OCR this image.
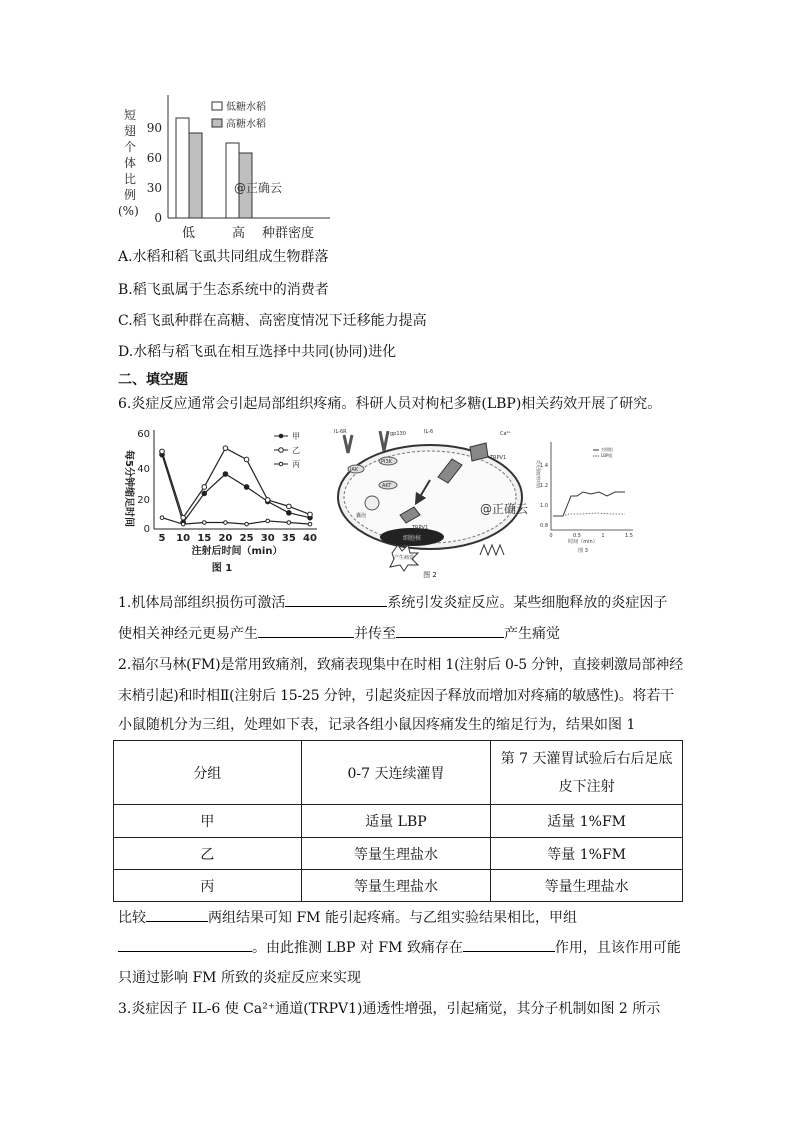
短
翅
个
体
比
例
(%)
90
60
30
0
低糖水稻
高糖水稻
@正确云
低	高 种群密度
A.水稻和稻飞虱共同组成生物群落
B.稻飞虱属于生态系统中的消费者
C.稻飞虱种群在高糖、高密度情况下迁移能力提高
D.水稻与稻飞虱在相互选择中共同(协同)进化
二、填空题
6.炎症反应通常会引起局部组织疼痛。科研人员对枸杞多糖(LBP)相关药效开展了研究。
每5分钟缩足时间
60
40
20
0
5 10 15 20 25 30 35 40
注射后时间（min）
图 1
甲
乙
丙
细胞核
IL-6R	gp130	IL-6
JAK
PI3K
AKT
囊泡
TRPV1
TRPV1
Ca²⁺
@正确云
产生痛觉
图 2
荧光强度相对值 1.4
1.2
1.0
0.8
对照组
LBP组
0	0.5	1	1.5
时间（min）
图 3
1.机体局部组织损伤可激活	系统引发炎症反应。某些细胞释放的炎症因子
使相关神经元更易产生	并传至	产生痛觉
2.福尔马林(FM)是常用致痛剂，致痛表现集中在时相 1(注射后 0-5 分钟，直接刺激局部神经
末梢引起)和时相Ⅱ(注射后 15-25 分钟，引起炎症因子释放而增加对疼痛的敏感性)。将若干
小鼠随机分为三组，处理如下表，记录各组小鼠因疼痛发生的缩足行为，结果如图 1
分组	0-7 天连续灌胃	第 7 天灌胃试验后右后足底
皮下注射

甲	适量 LBP	适量 1%FM
乙	等量生理盐水	等量 1%FM
丙	等量生理盐水	等量生理盐水
比较	两组结果可知 FM 能引起疼痛。与乙组实验结果相比，甲组
。由此推测 LBP 对 FM 致痛存在	作用，且该作用可能
只通过影响 FM 所致的炎症反应来实现
3.炎症因子 IL-6 使 Ca²⁺通道(TRPV1)通透性增强，引起痛觉，其分子机制如图 2 所示
